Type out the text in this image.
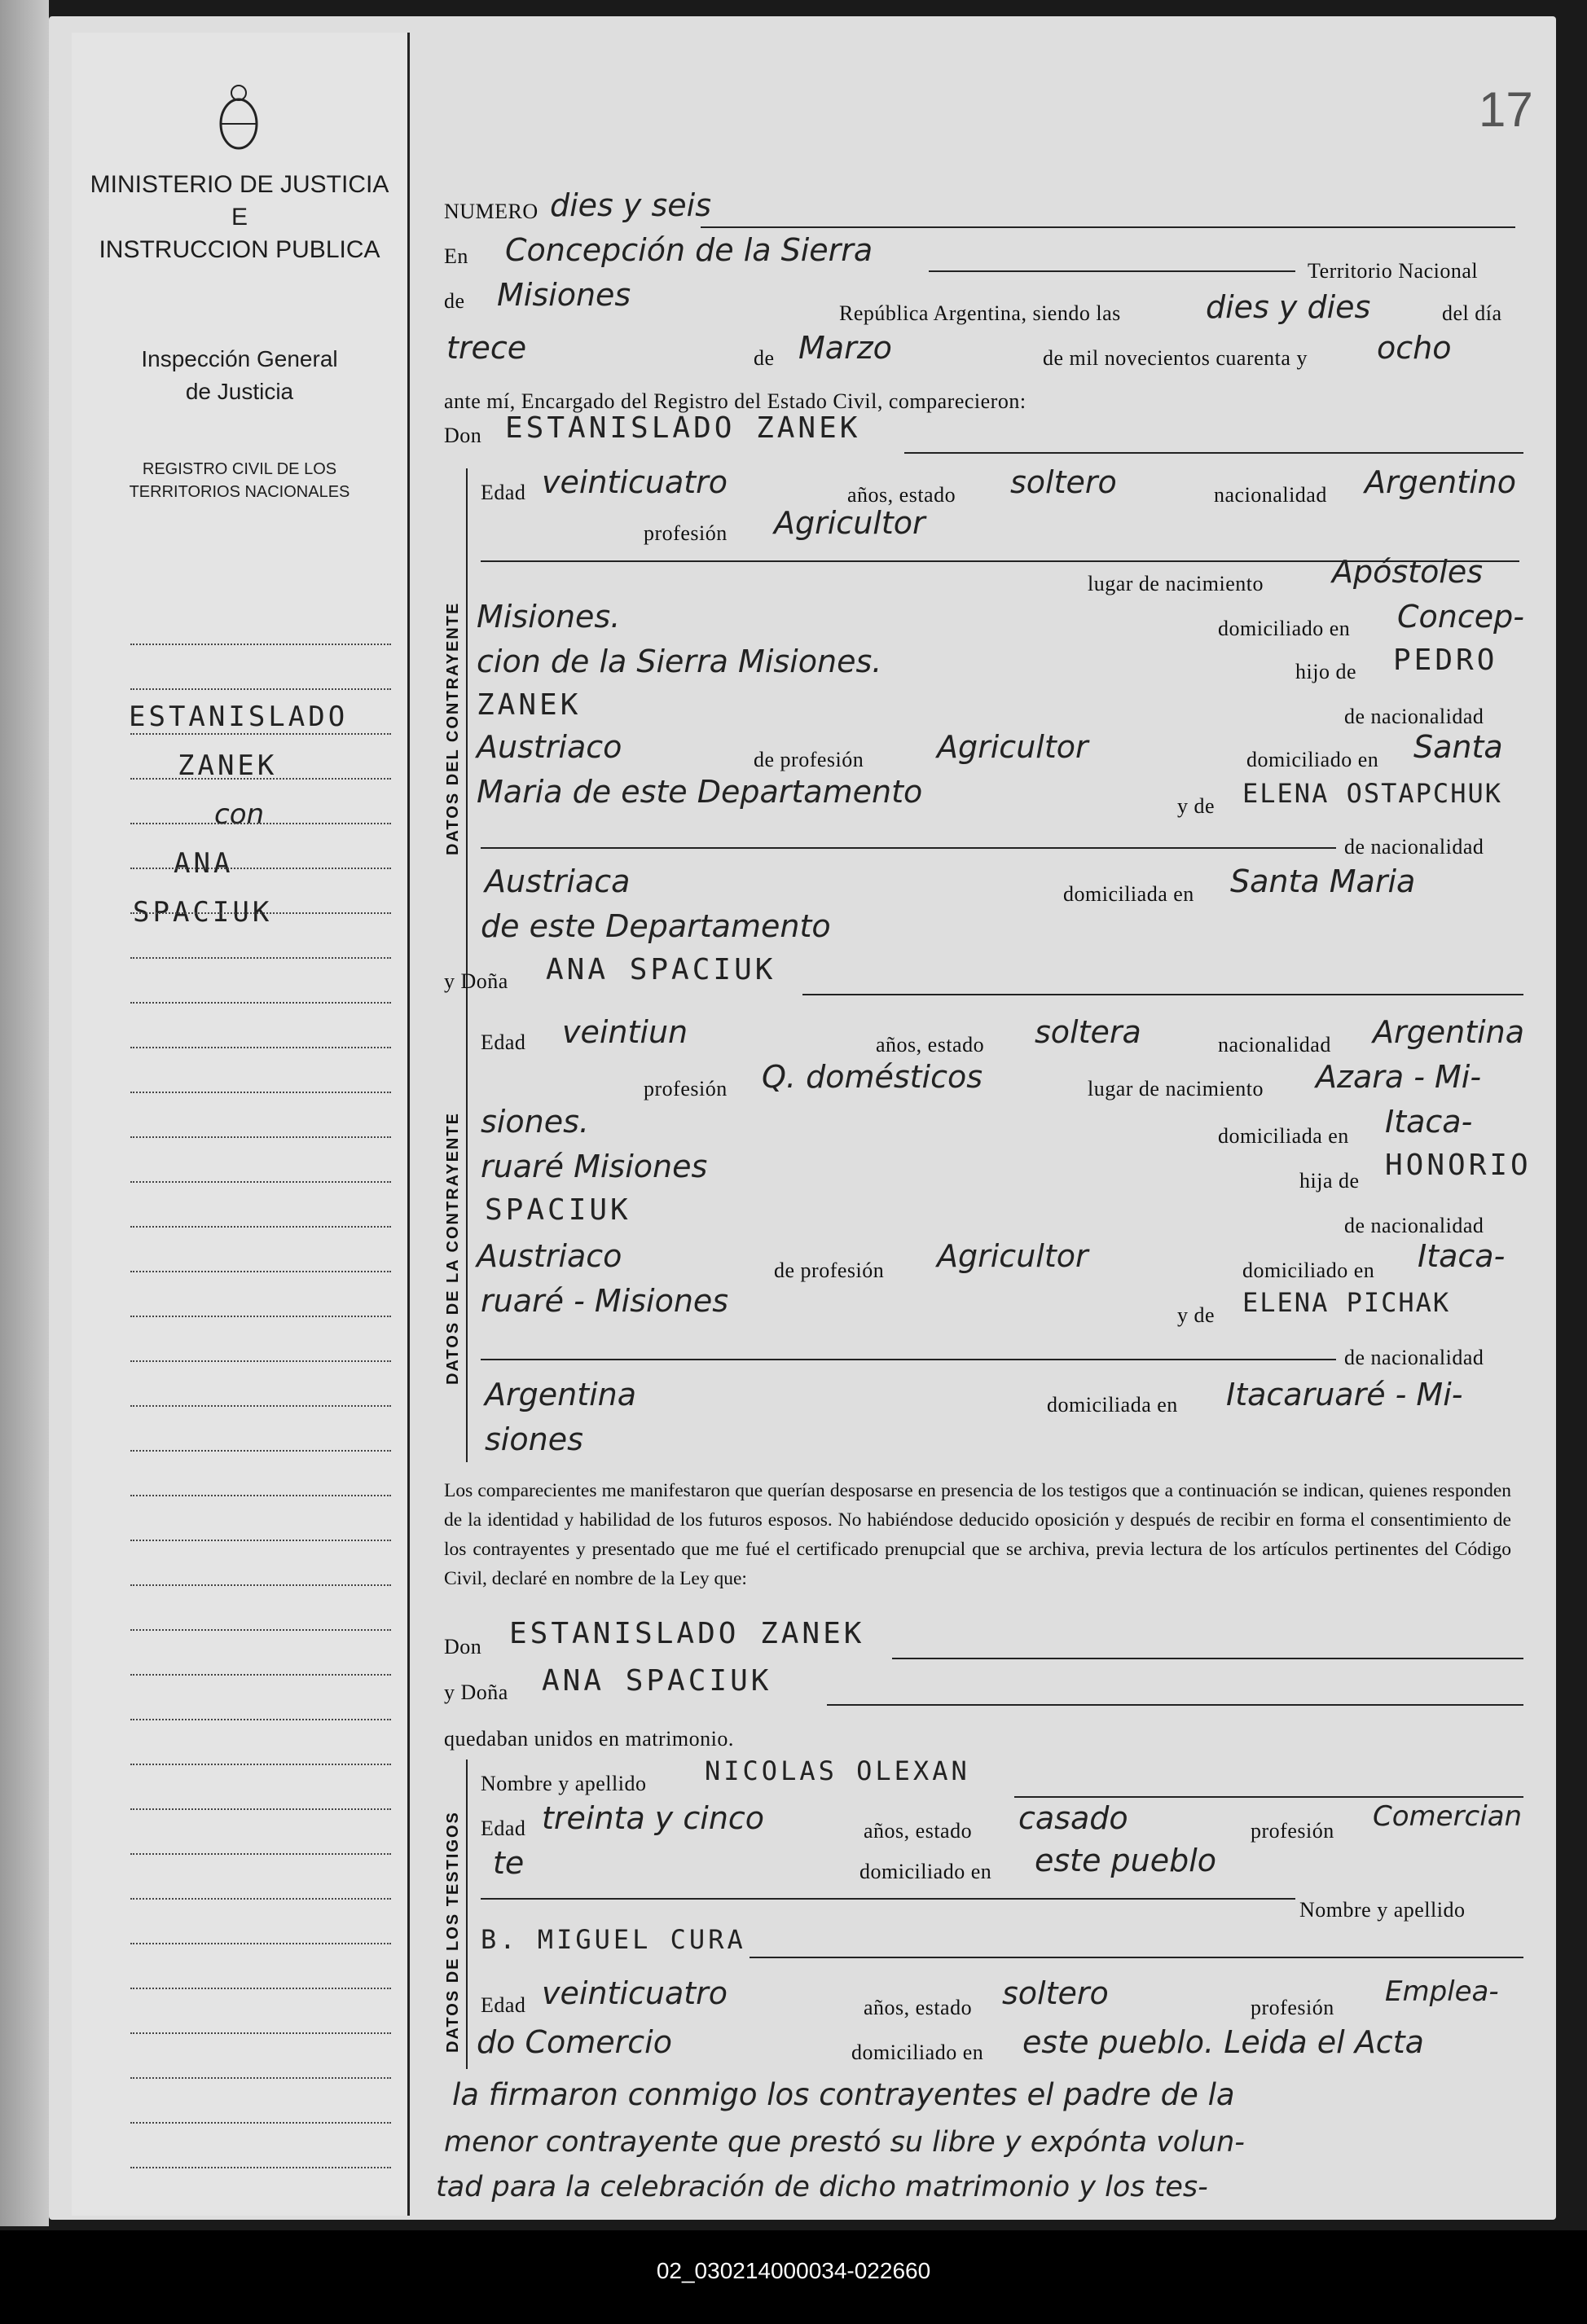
MINISTERIO DE JUSTICIA
E
INSTRUCCION PUBLICA
Inspección General
de Justicia
REGISTRO CIVIL DE LOS
TERRITORIOS NACIONALES
ESTANISLADO
ZANEK
con
ANA
SPACIUK
17
NUMERO dies y seis
En Concepción de la Sierra
Territorio Nacional
de Misiones
República Argentina, siendo las	dies y dies	del día
trece	de Marzo	de mil novecientos cuarenta y ocho
ante mí, Encargado del Registro del Estado Civil, comparecieron:
Don ESTANISLADO ZANEK
DATOS DEL CONTRAYENTE
Edad veinticuatro	años, estado soltero	nacionalidad Argentino
profesión Agricultor
lugar de nacimiento Apóstoles
Misiones.	domiciliado en Concep-
cion de la Sierra Misiones.	hijo de PEDRO
ZANEK	de nacionalidad
Austriaco	de profesión Agricultor	domiciliado en Santa
Maria de este Departamento	y de ELENA OSTAPCHUK
de nacionalidad
Austriaca	domiciliada en Santa Maria
de este Departamento
y Doña ANA SPACIUK
DATOS DE LA CONTRAYENTE
Edad veintiun	años, estado soltera	nacionalidad Argentina
profesión Q. domésticos	lugar de nacimiento Azara - Mi-
siones.	domiciliada en Itaca-
ruaré Misiones	hija de HONORIO
SPACIUK	de nacionalidad
Austriaco	de profesión Agricultor	domiciliado en Itaca-
ruaré - Misiones	y de ELENA PICHAK
de nacionalidad
Argentina	domiciliada en Itacaruaré - Mi-
siones
Los comparecientes me manifestaron que querían desposarse en presencia de los testigos que a continuación se indican, quienes responden de la identidad y habilidad de los futuros esposos. No habiéndose deducido oposición y después de recibir en forma el consentimiento de los contrayentes y presentado que me fué el certificado prenupcial que se archiva, previa lectura de los artículos pertinentes del Código Civil, declaré en nombre de la Ley que:
Don ESTANISLADO ZANEK
y Doña ANA SPACIUK
quedaban unidos en matrimonio.
DATOS DE LOS TESTIGOS
Nombre y apellido NICOLAS OLEXAN
Edad treinta y cinco	años, estado casado	profesión Comercian
te	domiciliado en este pueblo
Nombre y apellido
B. MIGUEL CURA
Edad veinticuatro	años, estado soltero	profesión Emplea-
do Comercio	domiciliado en este pueblo. Leida el Acta
la firmaron conmigo los contrayentes el padre de la
menor contrayente que prestó su libre y expónta volun-
tad para la celebración de dicho matrimonio y los tes-
02_030214000034-022660
